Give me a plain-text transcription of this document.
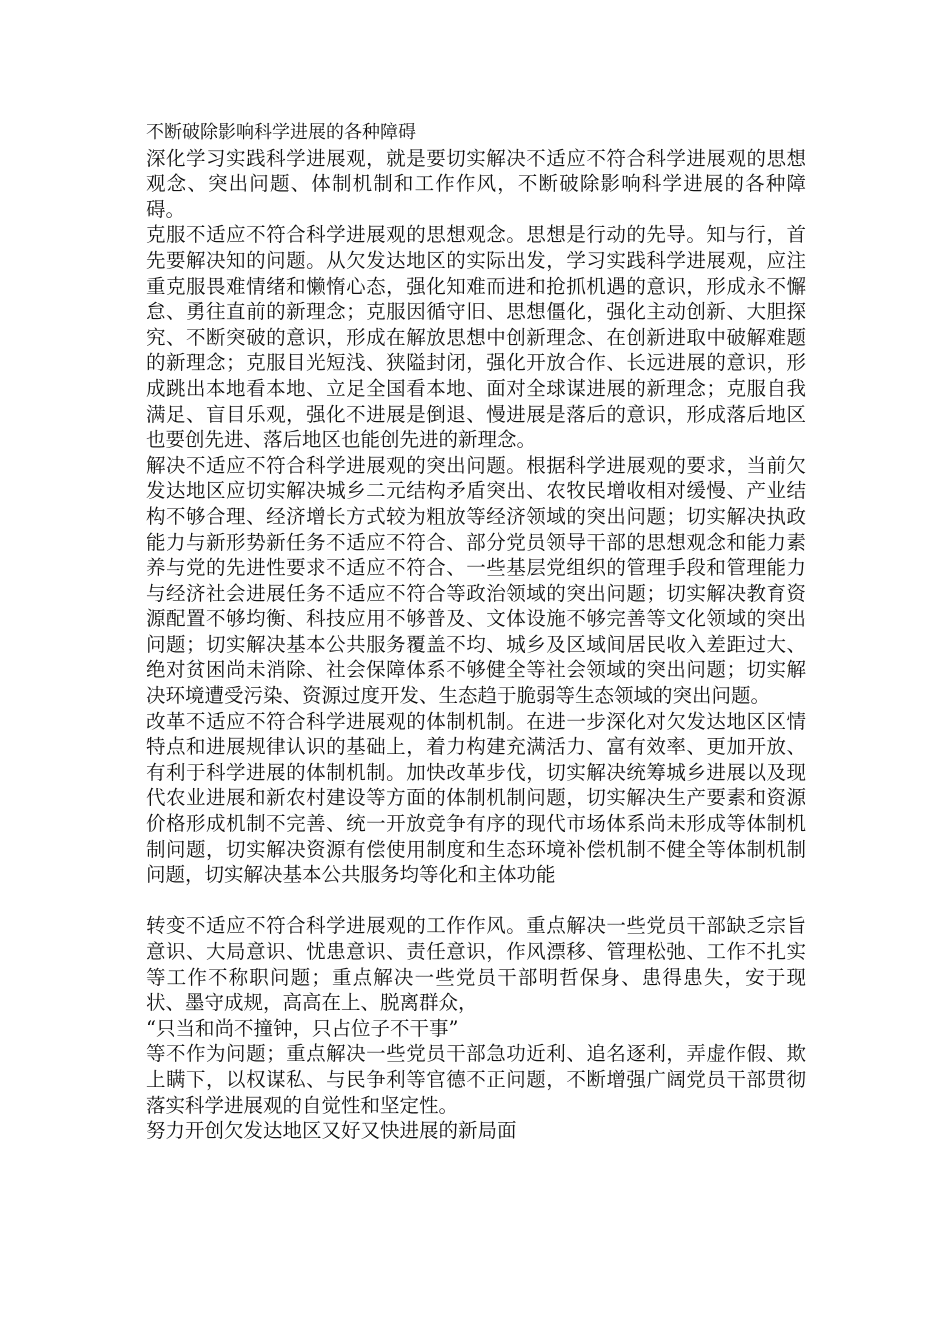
不断破除影响科学进展的各种障碍

深化学习实践科学进展观，就是要切实解决不适应不符合科学进展观的思想观念、突出问题、体制机制和工作作风，不断破除影响科学进展的各种障碍。

克服不适应不符合科学进展观的思想观念。思想是行动的先导。知与行，首先要解决知的问题。从欠发达地区的实际出发，学习实践科学进展观，应注重克服畏难情绪和懒惰心态，强化知难而进和抢抓机遇的意识，形成永不懈怠、勇往直前的新理念；克服因循守旧、思想僵化，强化主动创新、大胆探究、不断突破的意识，形成在解放思想中创新理念、在创新进取中破解难题的新理念；克服目光短浅、狭隘封闭，强化开放合作、长远进展的意识，形成跳出本地看本地、立足全国看本地、面对全球谋进展的新理念；克服自我满足、盲目乐观，强化不进展是倒退、慢进展是落后的意识，形成落后地区也要创先进、落后地区也能创先进的新理念。

解决不适应不符合科学进展观的突出问题。根据科学进展观的要求，当前欠发达地区应切实解决城乡二元结构矛盾突出、农牧民增收相对缓慢、产业结构不够合理、经济增长方式较为粗放等经济领域的突出问题；切实解决执政能力与新形势新任务不适应不符合、部分党员领导干部的思想观念和能力素养与党的先进性要求不适应不符合、一些基层党组织的管理手段和管理能力与经济社会进展任务不适应不符合等政治领域的突出问题；切实解决教育资源配置不够均衡、科技应用不够普及、文体设施不够完善等文化领域的突出问题；切实解决基本公共服务覆盖不均、城乡及区域间居民收入差距过大、绝对贫困尚未消除、社会保障体系不够健全等社会领域的突出问题；切实解决环境遭受污染、资源过度开发、生态趋于脆弱等生态领域的突出问题。

改革不适应不符合科学进展观的体制机制。在进一步深化对欠发达地区区情特点和进展规律认识的基础上，着力构建充满活力、富有效率、更加开放、有利于科学进展的体制机制。加快改革步伐，切实解决统筹城乡进展以及现代农业进展和新农村建设等方面的体制机制问题，切实解决生产要素和资源价格形成机制不完善、统一开放竞争有序的现代市场体系尚未形成等体制机制问题，切实解决资源有偿使用制度和生态环境补偿机制不健全等体制机制问题，切实解决基本公共服务均等化和主体功能

转变不适应不符合科学进展观的工作作风。重点解决一些党员干部缺乏宗旨意识、大局意识、忧患意识、责任意识，作风漂移、管理松弛、工作不扎实等工作不称职问题；重点解决一些党员干部明哲保身、患得患失，安于现状、墨守成规，高高在上、脱离群众，

“只当和尚不撞钟，只占位子不干事”

等不作为问题；重点解决一些党员干部急功近利、追名逐利，弄虚作假、欺上瞒下，以权谋私、与民争利等官德不正问题，不断增强广阔党员干部贯彻落实科学进展观的自觉性和坚定性。

努力开创欠发达地区又好又快进展的新局面
